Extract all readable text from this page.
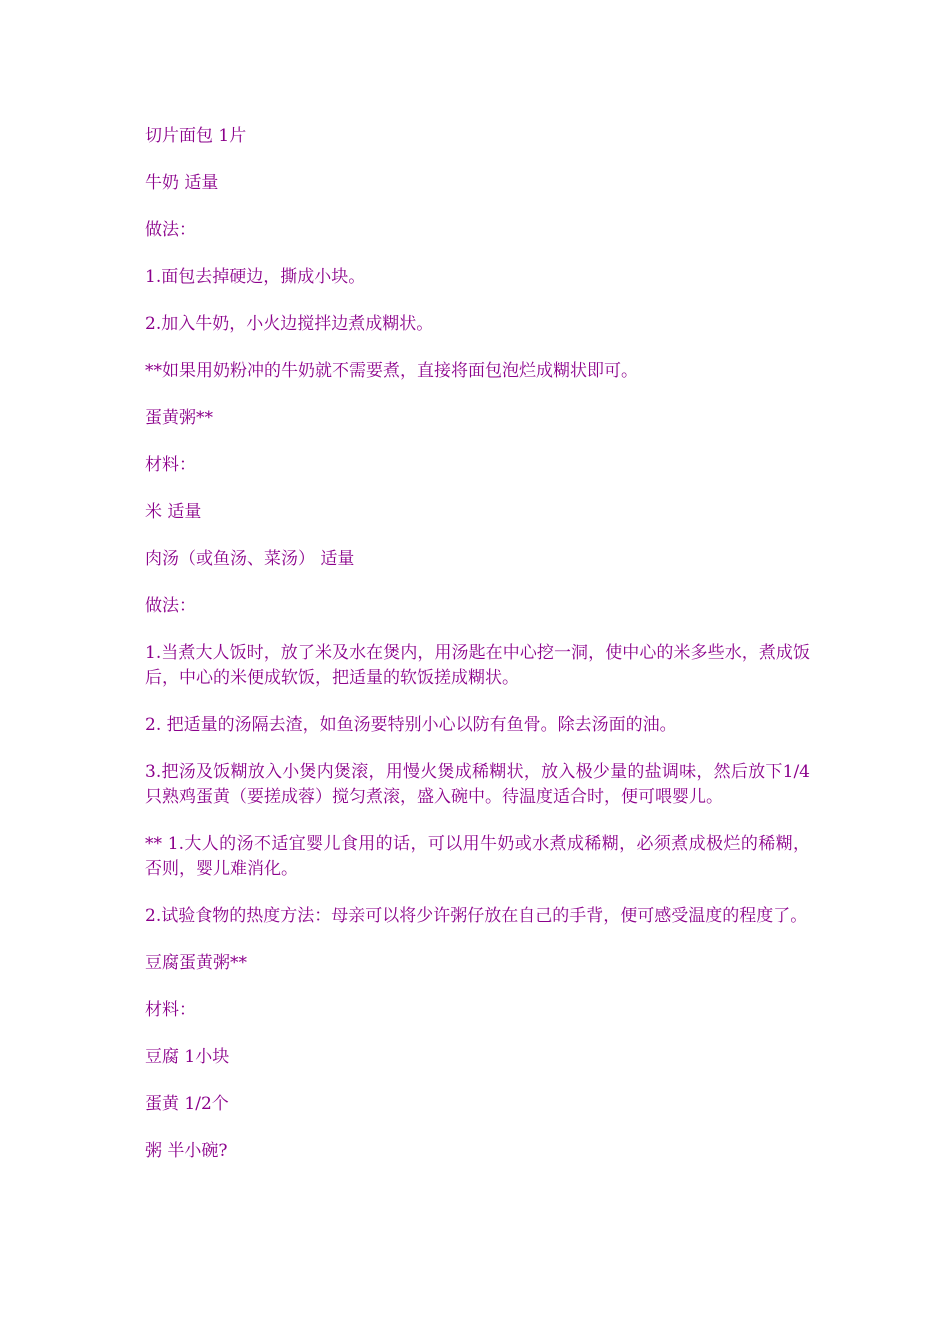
切片面包 1片

牛奶 适量

做法：

1.面包去掉硬边，撕成小块。

2.加入牛奶，小火边搅拌边煮成糊状。

**如果用奶粉冲的牛奶就不需要煮，直接将面包泡烂成糊状即可。

蛋黄粥**

材料：

米 适量

肉汤（或鱼汤、菜汤） 适量

做法：

1.当煮大人饭时，放了米及水在煲内，用汤匙在中心挖一洞，使中心的米多些水，煮成饭后，中心的米便成软饭，把适量的软饭搓成糊状。

2. 把适量的汤隔去渣，如鱼汤要特别小心以防有鱼骨。除去汤面的油。

3.把汤及饭糊放入小煲内煲滚，用慢火煲成稀糊状，放入极少量的盐调味，然后放下1/4只熟鸡蛋黄（要搓成蓉）搅匀煮滚，盛入碗中。待温度适合时，便可喂婴儿。

** 1.大人的汤不适宜婴儿食用的话，可以用牛奶或水煮成稀糊，必须煮成极烂的稀糊，否则，婴儿难消化。

2.试验食物的热度方法：母亲可以将少许粥仔放在自己的手背，便可感受温度的程度了。

豆腐蛋黄粥**

材料：

豆腐 1小块

蛋黄 1/2个

粥 半小碗?
